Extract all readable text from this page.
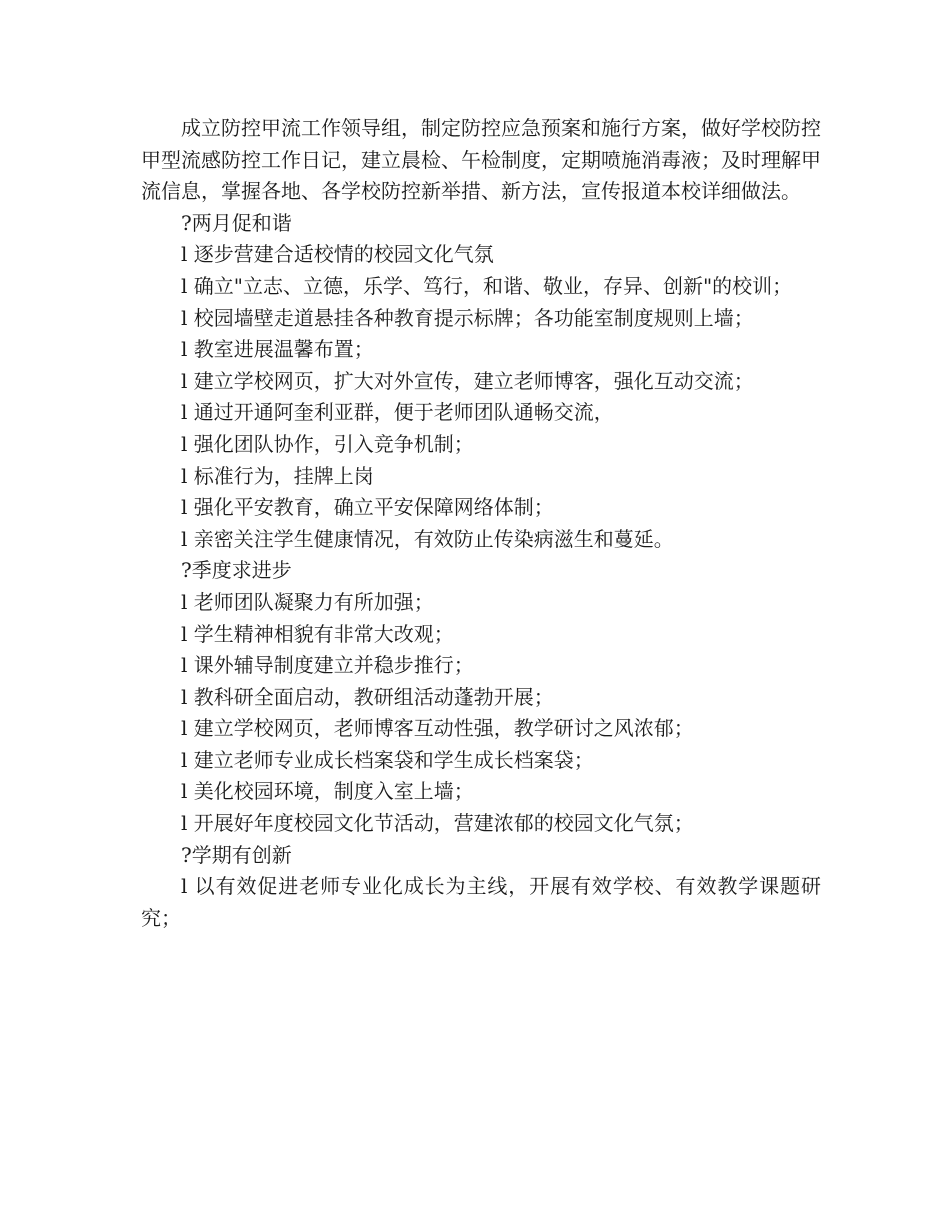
成立防控甲流工作领导组，制定防控应急预案和施行方案，做好学校防控甲型流感防控工作日记，建立晨检、午检制度，定期喷施消毒液；及时理解甲流信息，掌握各地、各学校防控新举措、新方法，宣传报道本校详细做法。

?两月促和谐

l 逐步营建合适校情的校园文化气氛

l 确立"立志、立德，乐学、笃行，和谐、敬业，存异、创新"的校训；

l 校园墙壁走道悬挂各种教育提示标牌；各功能室制度规则上墙；

l 教室进展温馨布置；

l 建立学校网页，扩大对外宣传，建立老师博客，强化互动交流；

l 通过开通阿奎利亚群，便于老师团队通畅交流，

l 强化团队协作，引入竞争机制；

l 标准行为，挂牌上岗

l 强化平安教育，确立平安保障网络体制；

l 亲密关注学生健康情况，有效防止传染病滋生和蔓延。

?季度求进步

l 老师团队凝聚力有所加强；

l 学生精神相貌有非常大改观；

l 课外辅导制度建立并稳步推行；

l 教科研全面启动，教研组活动蓬勃开展；

l 建立学校网页，老师博客互动性强，教学研讨之风浓郁；

l 建立老师专业成长档案袋和学生成长档案袋；

l 美化校园环境，制度入室上墙；

l 开展好年度校园文化节活动，营建浓郁的校园文化气氛；

?学期有创新

l 以有效促进老师专业化成长为主线，开展有效学校、有效教学课题研究；
